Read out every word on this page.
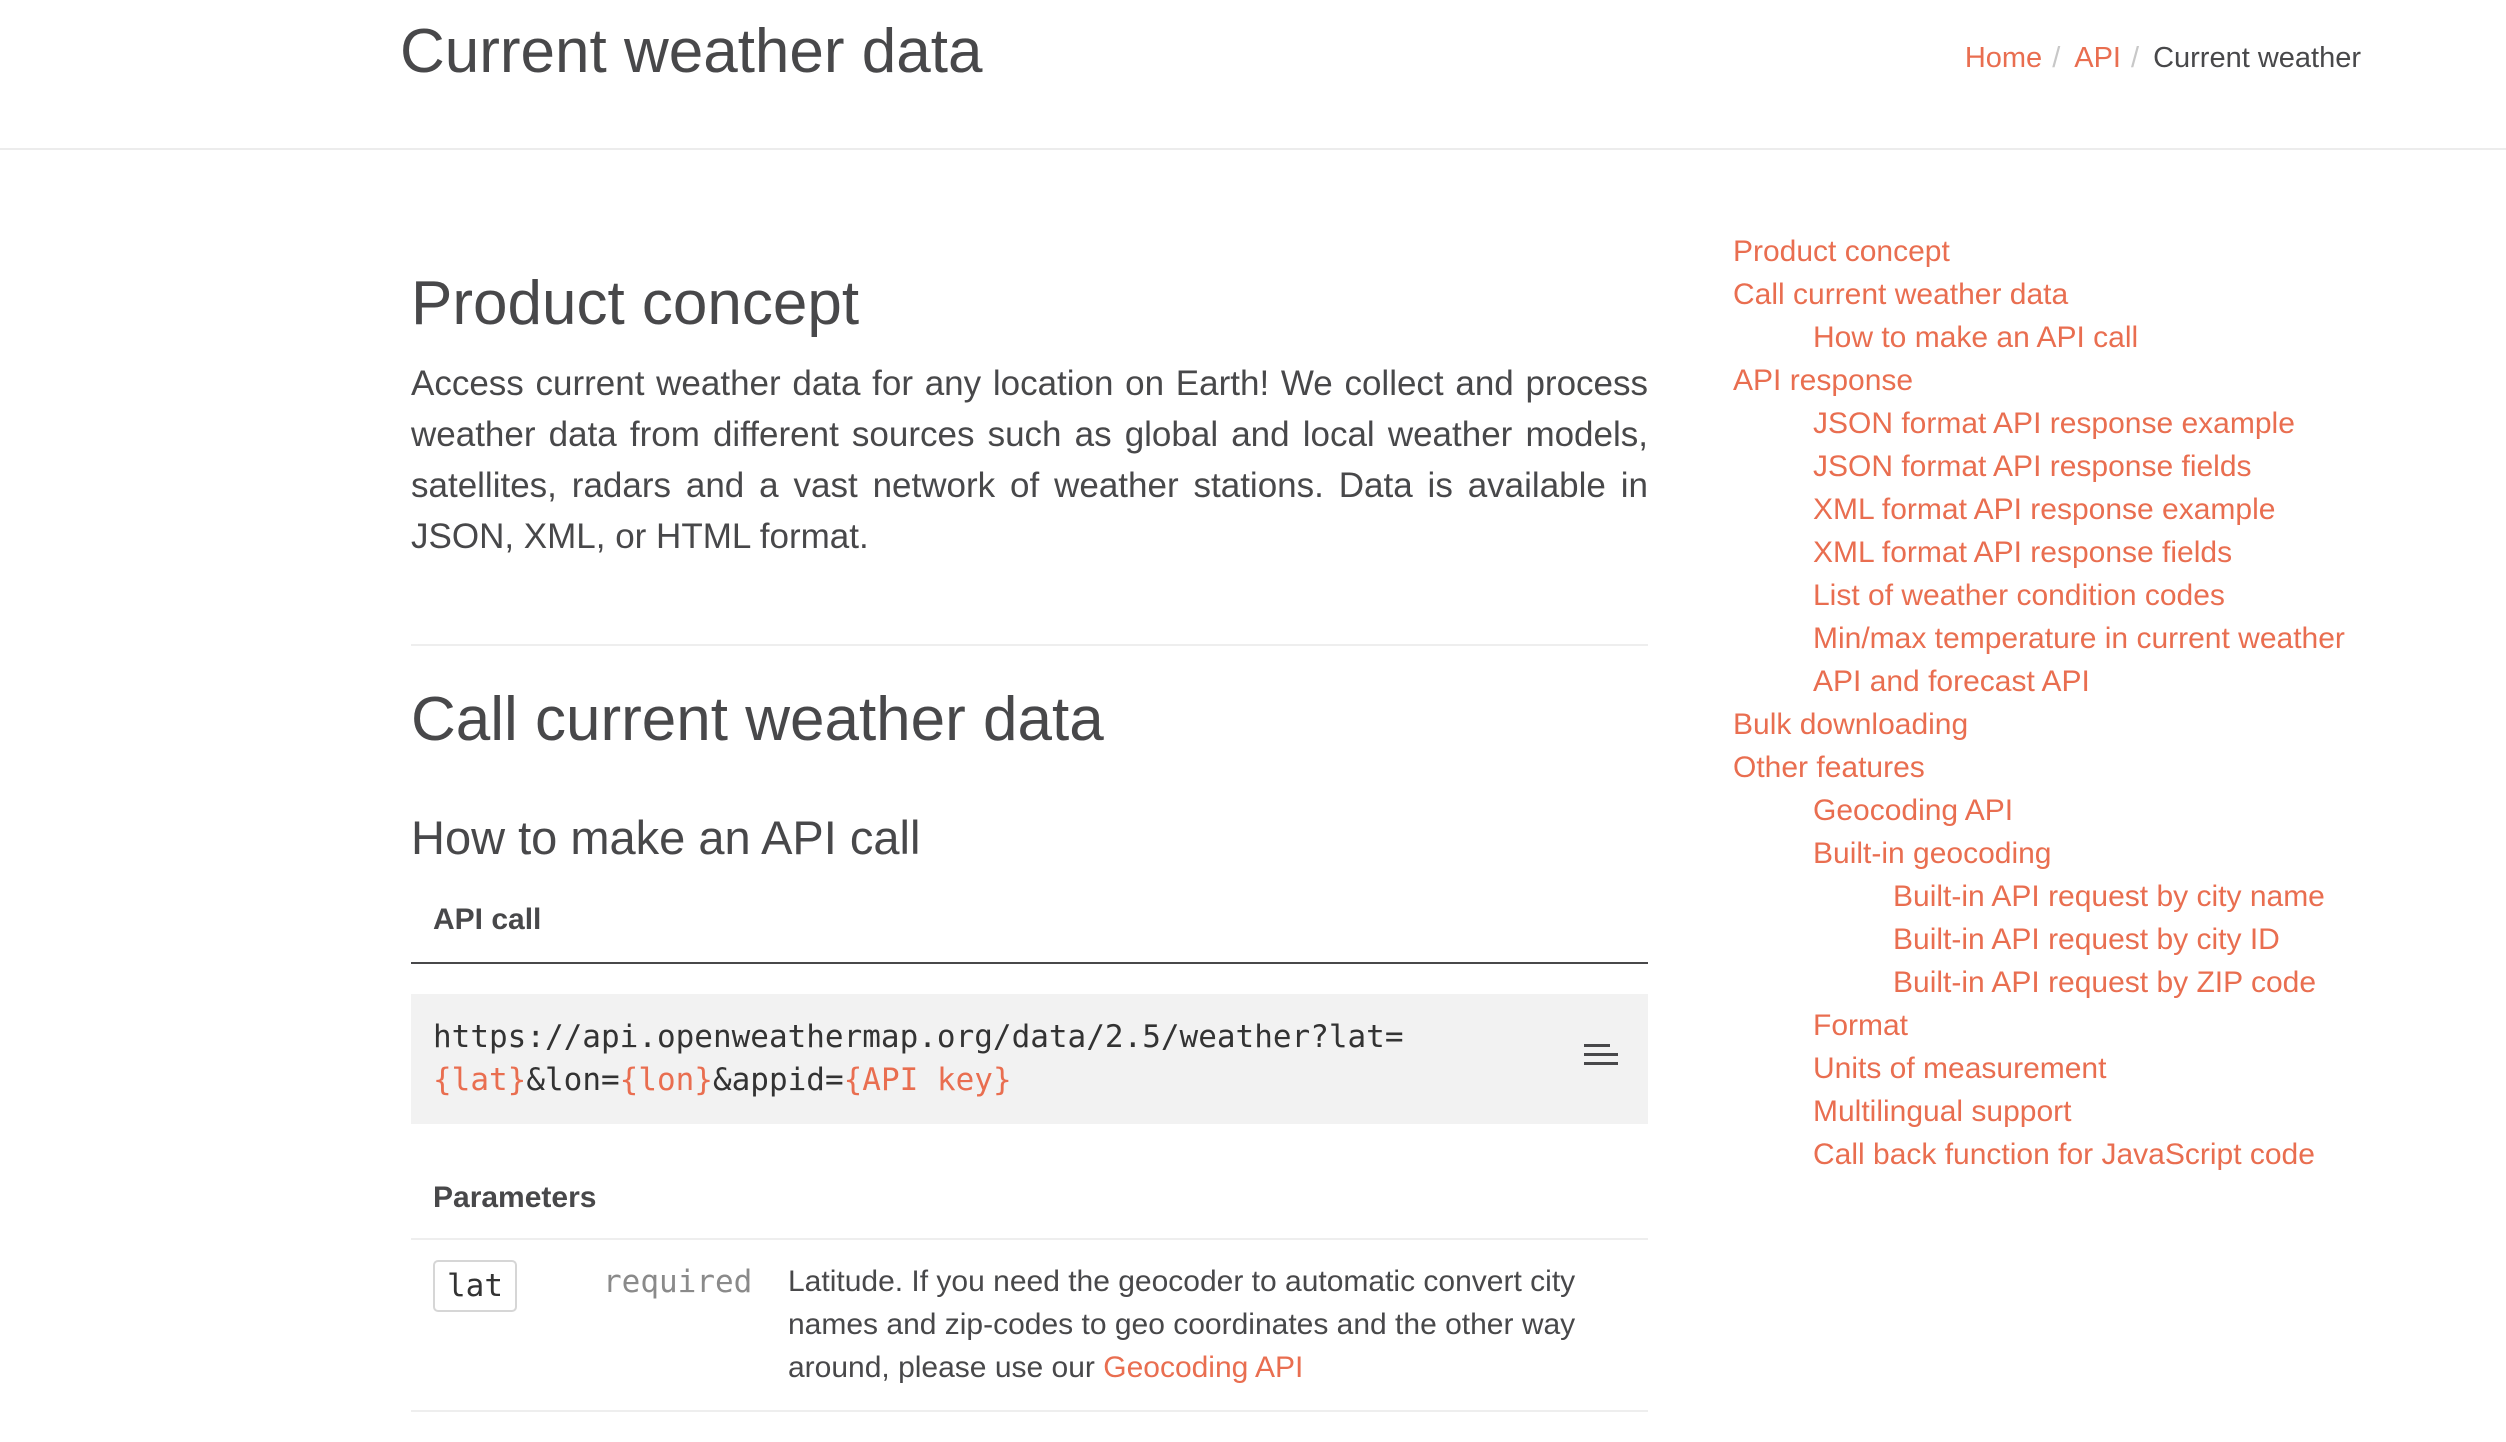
Current weather data	Home / API / Current weather
Product concept

Access current weather data for any location on Earth! We collect and process weather data from different sources such as global and local weather models, satellites, radars and a vast network of weather stations. Data is available in JSON, XML, or HTML format.

Call current weather data
How to make an API call
API call
https://api.openweathermap.org/data/2.5/weather?lat=
{lat}&lon={lon}&appid={API key}
Parameters
lat	required Latitude. If you need the geocoder to automatic convert city names and zip-codes to geo coordinates and the other way around, please use our Geocoding API
Product concept
Call current weather data
How to make an API call
API response
JSON format API response example
JSON format API response fields
XML format API response example
XML format API response fields
List of weather condition codes
Min/max temperature in current weather
API and forecast API
Bulk downloading
Other features
Geocoding API
Built-in geocoding
Built-in API request by city name
Built-in API request by city ID
Built-in API request by ZIP code
Format
Units of measurement
Multilingual support
Call back function for JavaScript code
